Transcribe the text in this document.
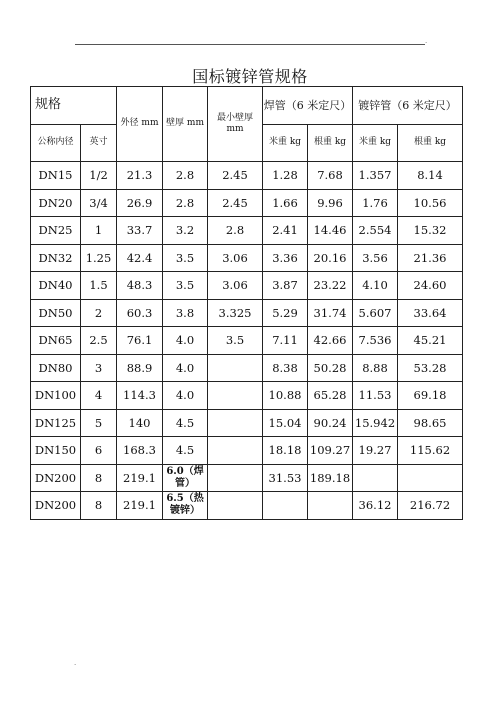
.
国标镀锌管规格
规格		外径 mm	壁厚 mm	最小壁厚 mm	焊管（6 米定尺）		镀锌管（6 米定尺）	
公称内径	英寸				米重 kg	根重 kg	米重 kg	根重 kg
DN15	1/2	21.3	2.8	2.45	1.28	7.68	1.357	8.14
DN20	3/4	26.9	2.8	2.45	1.66	9.96	1.76	10.56
DN25	1	33.7	3.2	2.8	2.41	14.46	2.554	15.32
DN32	1.25	42.4	3.5	3.06	3.36	20.16	3.56	21.36
DN40	1.5	48.3	3.5	3.06	3.87	23.22	4.10	24.60
DN50	2	60.3	3.8	3.325	5.29	31.74	5.607	33.64
DN65	2.5	76.1	4.0	3.5	7.11	42.66	7.536	45.21
DN80	3	88.9	4.0		8.38	50.28	8.88	53.28
DN100	4	114.3	4.0		10.88	65.28	11.53	69.18
DN125	5	140	4.5		15.04	90.24	15.942	98.65
DN150	6	168.3	4.5		18.18	109.27	19.27	115.62
DN200	8	219.1	6.0（焊管）		31.53	189.18		
DN200	8	219.1	6.5（热镀锌）				36.12	216.72
.
